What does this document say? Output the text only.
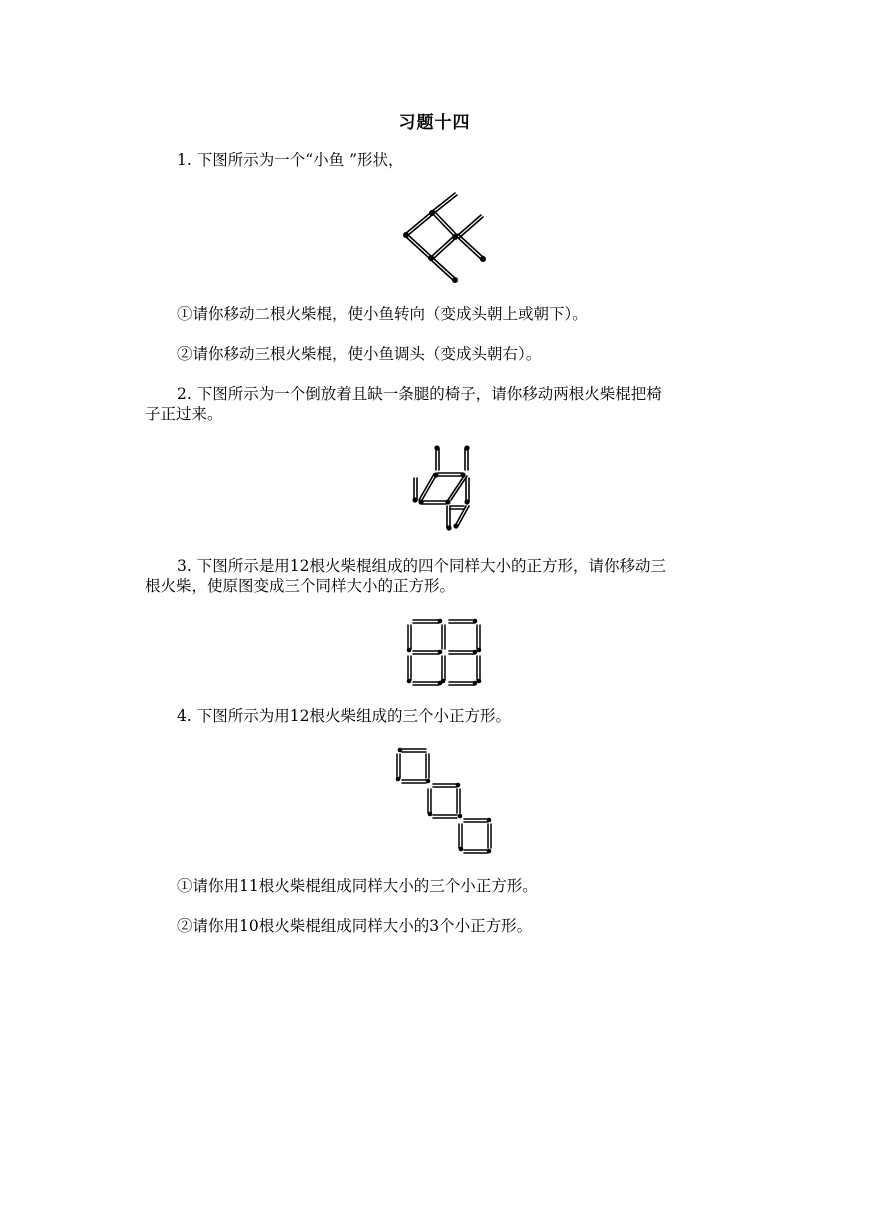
习题十四
1. 下图所示为一个“小鱼 ”形状，
①请你移动二根火柴棍，使小鱼转向（变成头朝上或朝下）。
②请你移动三根火柴棍，使小鱼调头（变成头朝右）。
2. 下图所示为一个倒放着且缺一条腿的椅子，请你移动两根火柴棍把椅
子正过来。
3. 下图所示是用12根火柴棍组成的四个同样大小的正方形，请你移动三
根火柴，使原图变成三个同样大小的正方形。
4. 下图所示为用12根火柴组成的三个小正方形。
①请你用11根火柴棍组成同样大小的三个小正方形。
②请你用10根火柴棍组成同样大小的3个小正方形。
